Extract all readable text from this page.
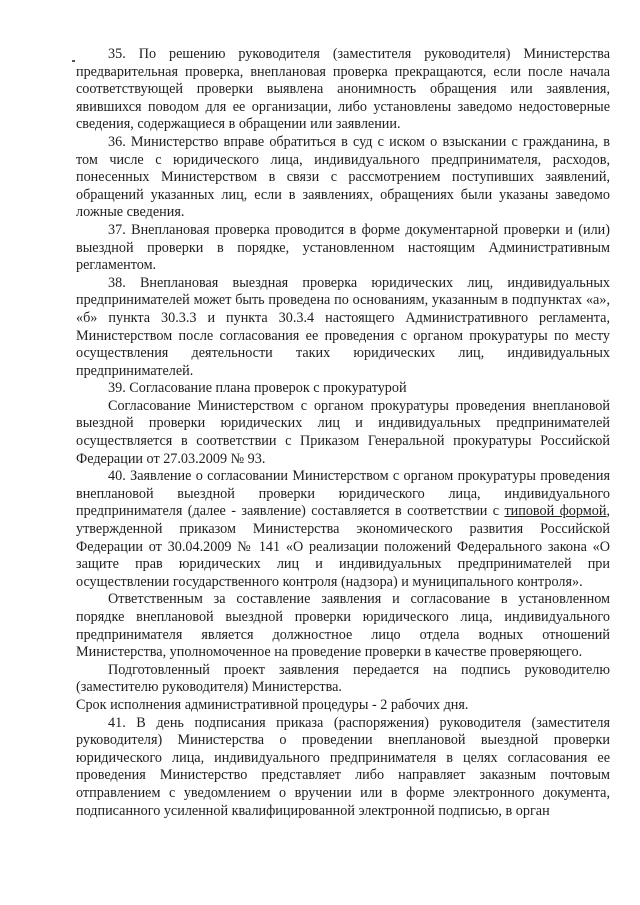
35. По решению руководителя (заместителя руководителя) Министерства предварительная проверка, внеплановая проверка прекращаются, если после начала соответствующей проверки выявлена анонимность обращения или заявления, явившихся поводом для ее организации, либо установлены заведомо недостоверные сведения, содержащиеся в обращении или заявлении.

36. Министерство вправе обратиться в суд с иском о взыскании с гражданина, в том числе с юридического лица, индивидуального предпринимателя, расходов, понесенных Министерством в связи с рассмотрением поступивших заявлений, обращений указанных лиц, если в заявлениях, обращениях были указаны заведомо ложные сведения.

37. Внеплановая проверка проводится в форме документарной проверки и (или) выездной проверки в порядке, установленном настоящим Административным регламентом.

38. Внеплановая выездная проверка юридических лиц, индивидуальных предпринимателей может быть проведена по основаниям, указанным в подпунктах «а», «б» пункта 30.3.3 и пункта 30.3.4 настоящего Административного регламента, Министерством после согласования ее проведения с органом прокуратуры по месту осуществления деятельности таких юридических лиц, индивидуальных предпринимателей.

39. Согласование плана проверок с прокуратурой

Согласование Министерством с органом прокуратуры проведения внеплановой выездной проверки юридических лиц и индивидуальных предпринимателей осуществляется в соответствии с Приказом Генеральной прокуратуры Российской Федерации от 27.03.2009 № 93.

40. Заявление о согласовании Министерством с органом прокуратуры проведения внеплановой выездной проверки юридического лица, индивидуального предпринимателя (далее - заявление) составляется в соответствии с типовой формой, утвержденной приказом Министерства экономического развития Российской Федерации от 30.04.2009 № 141 «О реализации положений Федерального закона «О защите прав юридических лиц и индивидуальных предпринимателей при осуществлении государственного контроля (надзора) и муниципального контроля».

Ответственным за составление заявления и согласование в установленном порядке внеплановой выездной проверки юридического лица, индивидуального предпринимателя является должностное лицо отдела водных отношений Министерства, уполномоченное на проведение проверки в качестве проверяющего.

Подготовленный проект заявления передается на подпись руководителю (заместителю руководителя) Министерства.

Срок исполнения административной процедуры - 2 рабочих дня.

41. В день подписания приказа (распоряжения) руководителя (заместителя руководителя) Министерства о проведении внеплановой выездной проверки юридического лица, индивидуального предпринимателя в целях согласования ее проведения Министерство представляет либо направляет заказным почтовым отправлением с уведомлением о вручении или в форме электронного документа, подписанного усиленной квалифицированной электронной подписью, в орган
